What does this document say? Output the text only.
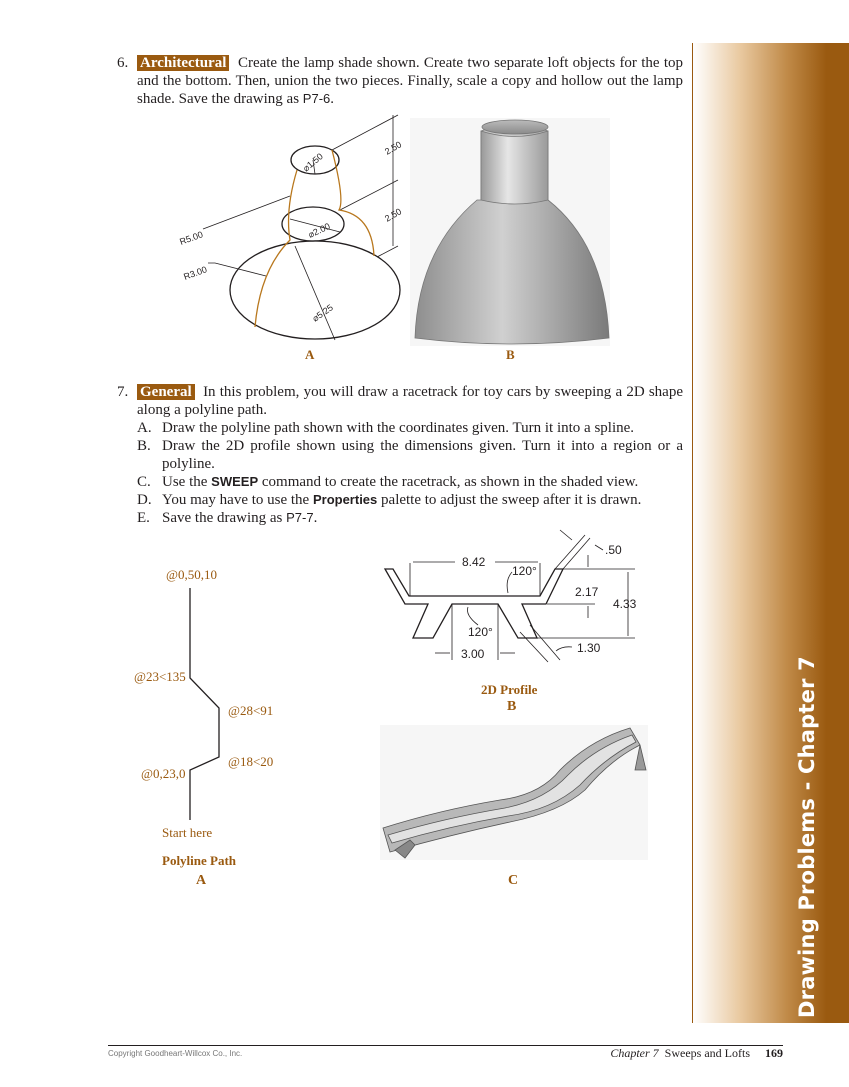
Drawing Problems - Chapter 7
6. Architectural Create the lamp shade shown. Create two separate loft objects for the top and the bottom. Then, union the two pieces. Finally, scale a copy and hollow out the lamp shade. Save the drawing as P7-6.
⌀1.50
⌀2.00
⌀5.25
R5.00
R3.00
2.50
2.50
A	B
8.42
120°
120°
3.00
.50
2.17
4.33
1.30
@0,50,10
@23<135
@28<91
@18<20
@0,23,0
Start here
Polyline Path
A
2D Profile
B
C
7. General In this problem, you will draw a racetrack for toy cars by sweeping a 2D shape along a polyline path.
A. Draw the polyline path shown with the coordinates given. Turn it into a spline.
B. Draw the 2D profile shown using the dimensions given. Turn it into a region or a polyline.
C. Use the SWEEP command to create the racetrack, as shown in the shaded view.
D. You may have to use the Properties palette to adjust the sweep after it is drawn.
E. Save the drawing as P7-7.
Copyright Goodheart-Willcox Co., Inc.	Chapter 7 Sweeps and Lofts 169
